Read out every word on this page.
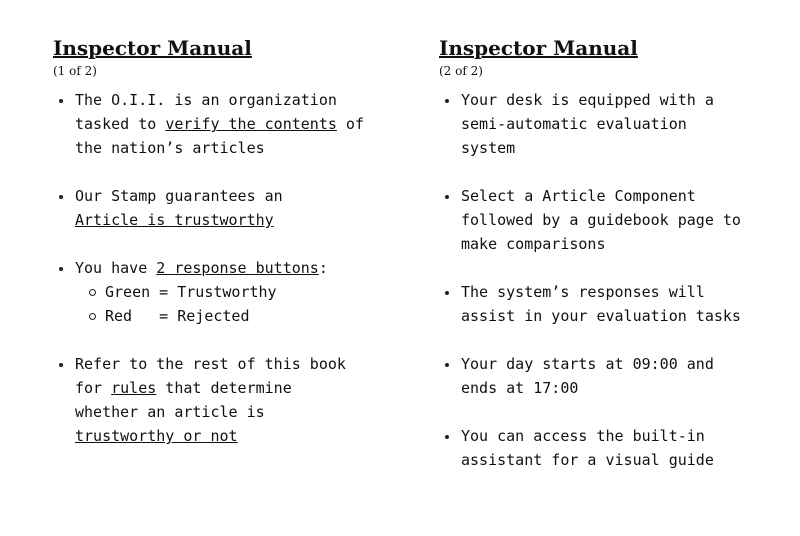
Inspector Manual

(1 of 2)

The O.I.I. is an organization
tasked to verify the contents of
the nation’s articles
Our Stamp guarantees an
Article is trustworthy
You have 2 response buttons:
Green = Trustworthy
Red   = Rejected
Refer to the rest of this book
for rules that determine
whether an article is
trustworthy or not
Inspector Manual

(2 of 2)

Your desk is equipped with a
semi-automatic evaluation
system
Select a Article Component
followed by a guidebook page to
make comparisons
The system’s responses will
assist in your evaluation tasks
Your day starts at 09:00 and
ends at 17:00
You can access the built-in
assistant for a visual guide
